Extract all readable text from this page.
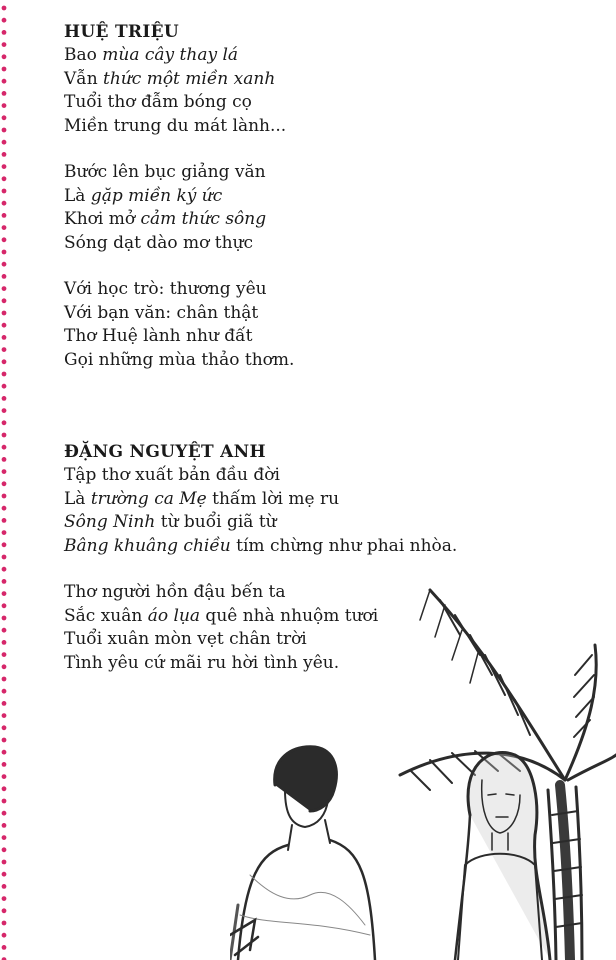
HUỆ TRIỆU
Bao mùa cây thay lá
Vẫn thức một miền xanh
Tuổi thơ đẫm bóng cọ
Miền trung du mát lành...
Bước lên bục giảng văn
Là gặp miền ký ức
Khơi mở cảm thức sông
Sóng dạt dào mơ thực
Với học trò: thương yêu
Với bạn văn: chân thật
Thơ Huệ lành như đất
Gọi những mùa thảo thơm.
ĐẶNG NGUYỆT ANH
Tập thơ xuất bản đầu đời
Là trường ca Mẹ thấm lời mẹ ru
Sông Ninh từ buổi giã từ
Bâng khuâng chiều tím chừng như phai nhòa.
Thơ người hồn đậu bến ta
Sắc xuân áo lụa quê nhà nhuộm tươi
Tuổi xuân mòn vẹt chân trời
Tình yêu cứ mãi ru hời tình yêu.
